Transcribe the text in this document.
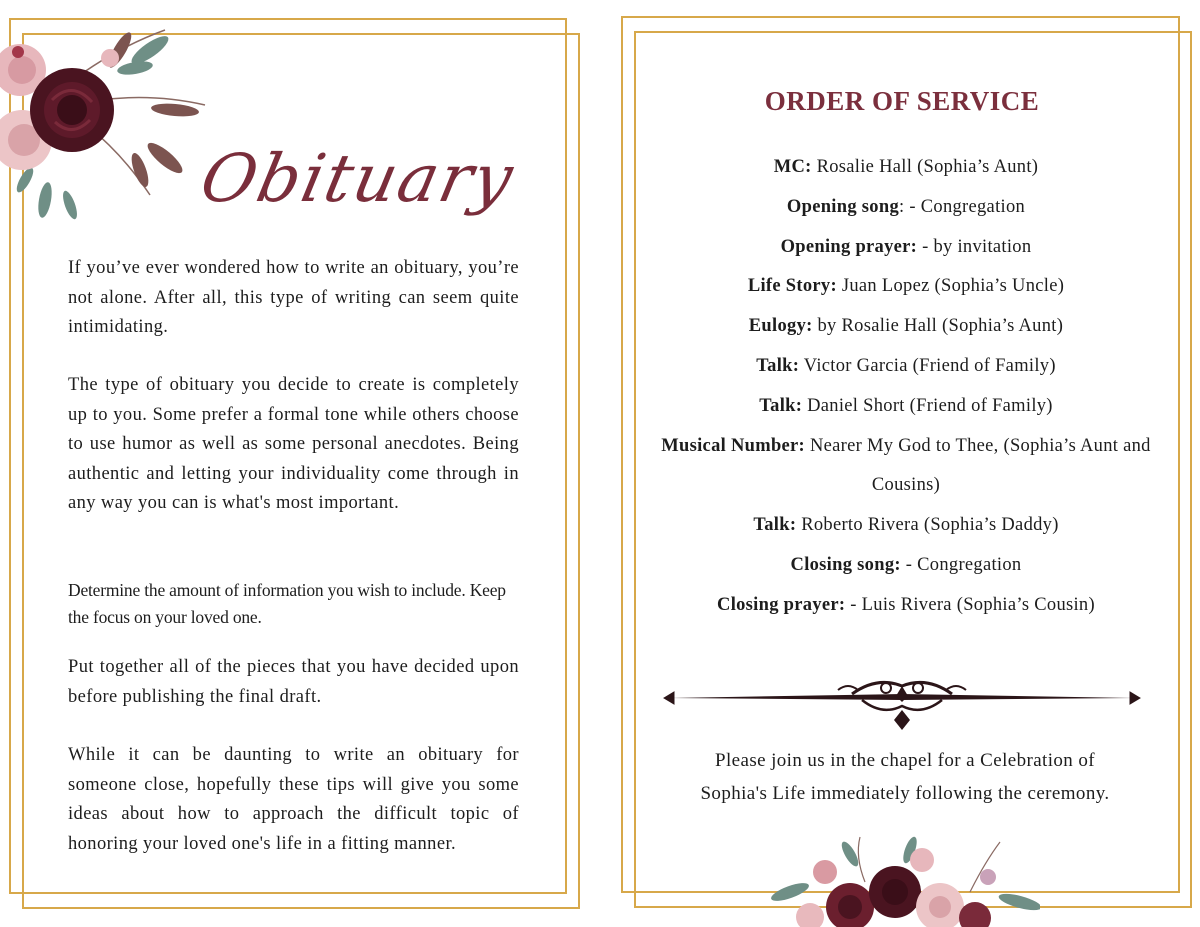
Obituary
If you’ve ever wondered how to write an obituary, you’re not alone. After all, this type of writing can seem quite intimidating.
The type of obituary you decide to create is completely up to you. Some prefer a formal tone while others choose to use humor as well as some personal anecdotes. Being authentic and letting your individuality come through in any way you can is what's most important.
Determine the amount of information you wish to include. Keep the focus on your loved one.
Put together all of the pieces that you have decided upon before publishing the final draft.
While it can be daunting to write an obituary for someone close, hopefully these tips will give you some ideas about how to approach the difficult topic of honoring your loved one's life in a fitting manner.
ORDER OF SERVICE
MC: Rosalie Hall (Sophia’s Aunt)
Opening song: - Congregation
Opening prayer: - by invitation
Life Story: Juan Lopez (Sophia’s Uncle)
Eulogy: by Rosalie Hall (Sophia’s Aunt)
Talk: Victor Garcia (Friend of Family)
Talk: Daniel Short (Friend of Family)
Musical Number: Nearer My God to Thee, (Sophia’s Aunt and Cousins)
Talk: Roberto Rivera (Sophia’s Daddy)
Closing song: - Congregation
Closing prayer: - Luis Rivera (Sophia’s Cousin)
Please join us in the chapel for a Celebration of
Sophia's Life immediately following the ceremony.
